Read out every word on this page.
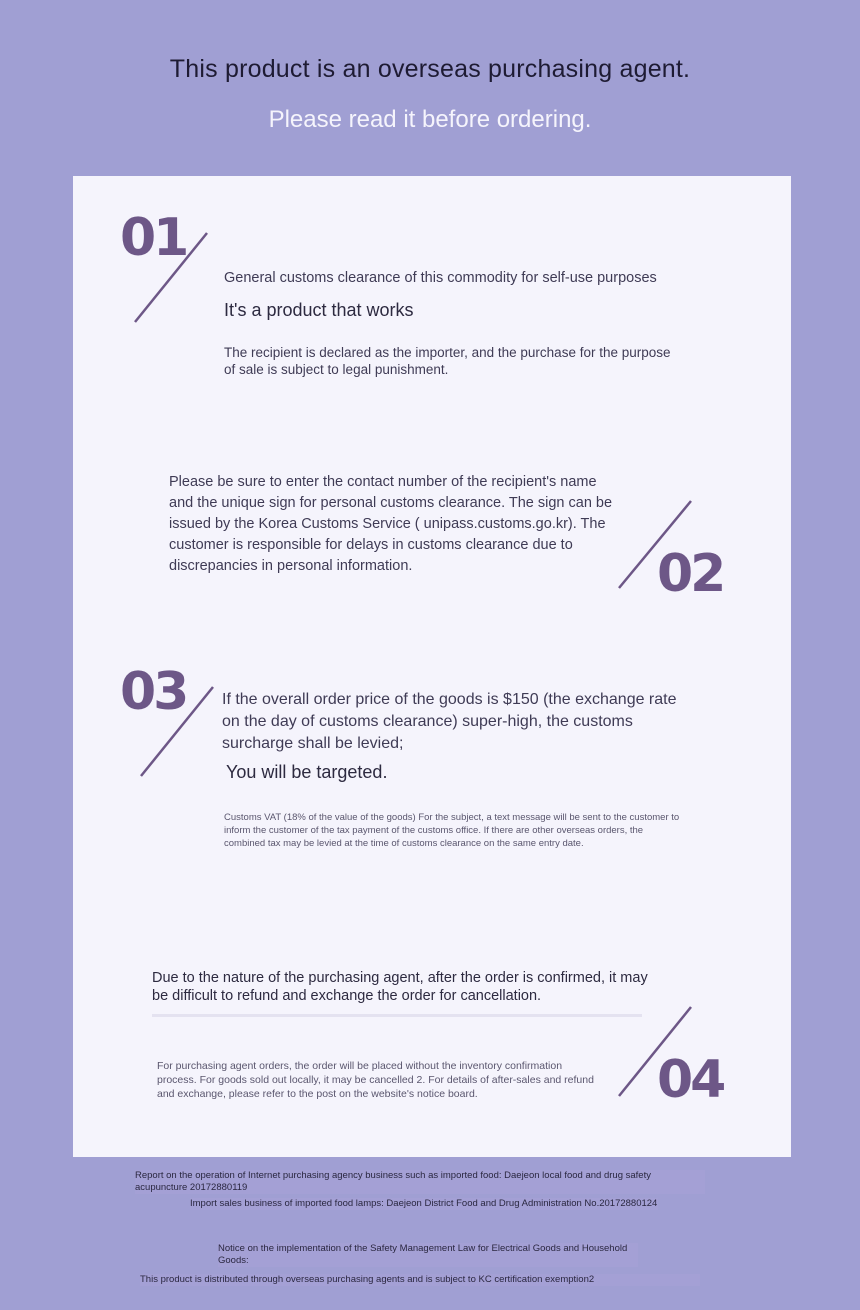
This product is an overseas purchasing agent.
Please read it before ordering.
01
General customs clearance of this commodity for self-use purposes
It's a product that works
The recipient is declared as the importer, and the purchase for the purpose of sale is subject to legal punishment.
Please be sure to enter the contact number of the recipient's name and the unique sign for personal customs clearance. The sign can be issued by the Korea Customs Service ( unipass.customs.go.kr). The customer is responsible for delays in customs clearance due to discrepancies in personal information.	02
03 If the overall order price of the goods is $150 (the exchange rate on the day of customs clearance) super-high, the customs surcharge shall be levied;
You will be targeted.
Customs VAT (18% of the value of the goods) For the subject, a text message will be sent to the customer to inform the customer of the tax payment of the customs office. If there are other overseas orders, the combined tax may be levied at the time of customs clearance on the same entry date.
Due to the nature of the purchasing agent, after the order is confirmed, it may be difficult to refund and exchange the order for cancellation.
For purchasing agent orders, the order will be placed without the inventory confirmation process. For goods sold out locally, it may be cancelled 2. For details of after-sales and refund and exchange, please refer to the post on the website's notice board.	04
Report on the operation of Internet purchasing agency business such as imported food: Daejeon local food and drug safety acupuncture 20172880119
Import sales business of imported food lamps: Daejeon District Food and Drug Administration No.20172880124
Notice on the implementation of the Safety Management Law for Electrical Goods and Household Goods:
This product is distributed through overseas purchasing agents and is subject to KC certification exemption2
